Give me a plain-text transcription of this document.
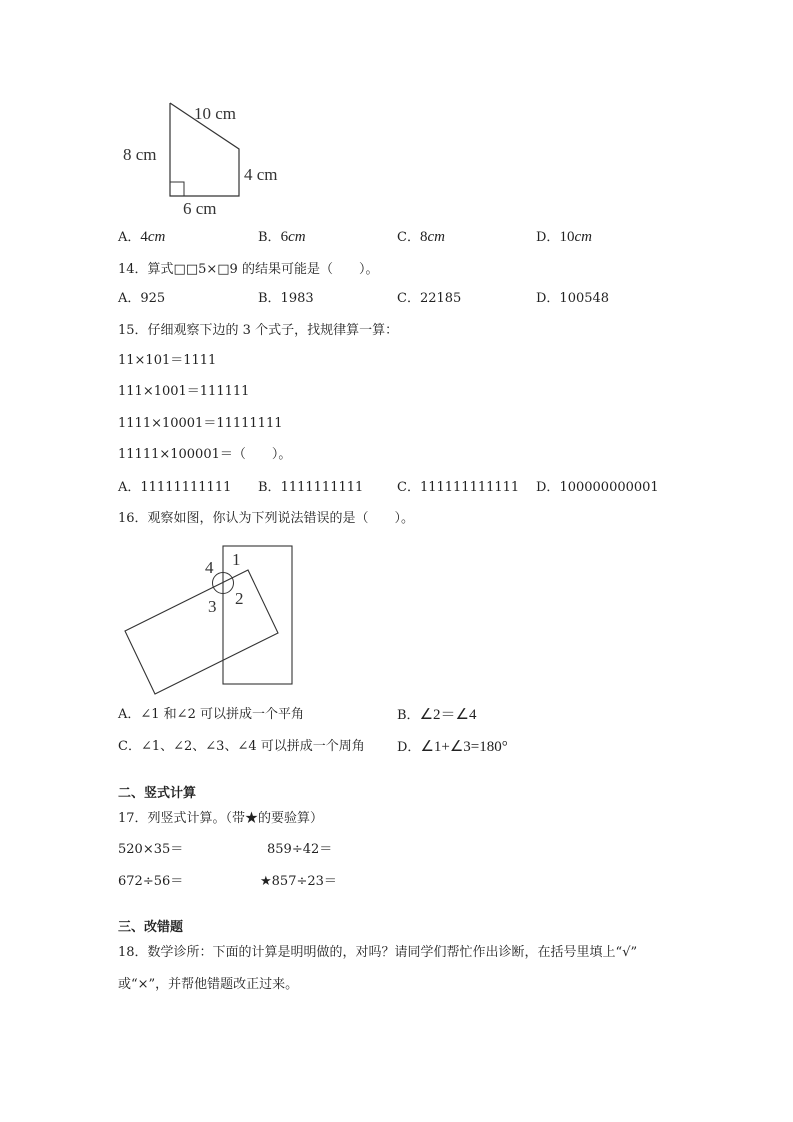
10 cm
8 cm
4 cm
6 cm
A．4cm	B．6cm	C．8cm	D．10cm
14．算式□□5×□9 的结果可能是（　　）。
A．925	B．1983	C．22185	D．100548
15．仔细观察下边的 3 个式子，找规律算一算：
11×101＝1111
111×1001＝111111
1111×10001＝11111111
11111×100001＝（　　）。
A．11111111111 B．1111111111	C．111111111111 D．100000000001
16．观察如图，你认为下列说法错误的是（　　）。
1
4
3 2
A．∠1 和∠2 可以拼成一个平角	B．∠2＝∠4
C．∠1、∠2、∠3、∠4 可以拼成一个周角 D．∠1+∠3=180°
二、竖式计算
17．列竖式计算。（带★的要验算）
520×35＝	859÷42＝
672÷56＝	★857÷23＝
三、改错题
18．数学诊所：下面的计算是明明做的，对吗？请同学们帮忙作出诊断，在括号里填上“√”
或“×”，并帮他错题改正过来。
